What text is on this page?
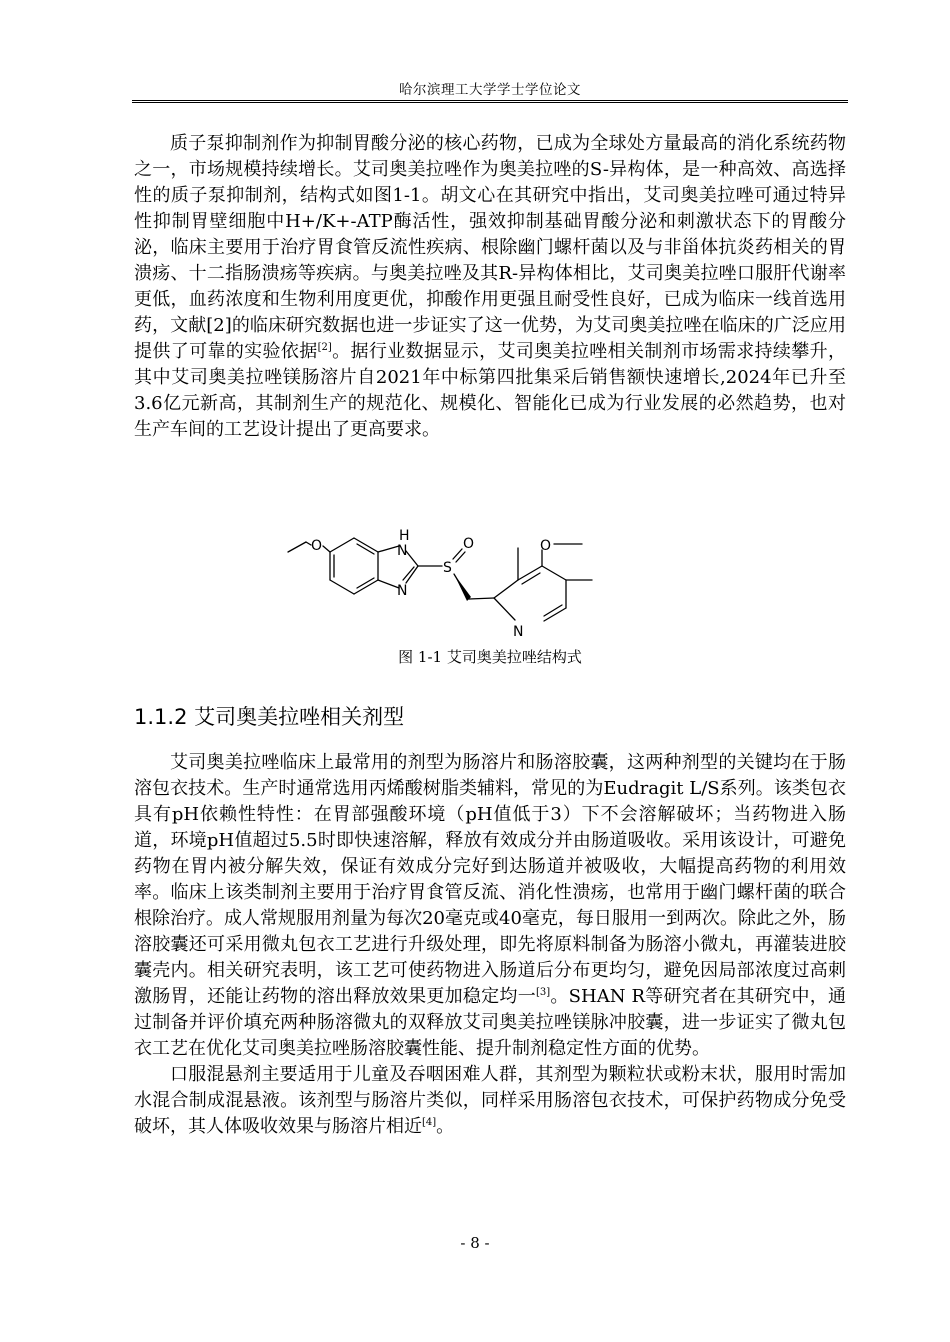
哈尔滨理工大学学士学位论文

质子泵抑制剂作为抑制胃酸分泌的核心药物，已成为全球处方量最高的消化系统药物之一，市场规模持续增长。艾司奥美拉唑作为奥美拉唑的S-异构体，是一种高效、高选择性的质子泵抑制剂，结构式如图1-1。胡文心在其研究中指出，艾司奥美拉唑可通过特异性抑制胃壁细胞中H+/K+-ATP酶活性，强效抑制基础胃酸分泌和刺激状态下的胃酸分泌，临床主要用于治疗胃食管反流性疾病、根除幽门螺杆菌以及与非甾体抗炎药相关的胃溃疡、十二指肠溃疡等疾病。与奥美拉唑及其R-异构体相比，艾司奥美拉唑口服肝代谢率更低，血药浓度和生物利用度更优，抑酸作用更强且耐受性良好，已成为临床一线首选用药，文献[2]的临床研究数据也进一步证实了这一优势，为艾司奥美拉唑在临床的广泛应用提供了可靠的实验依据[2]。据行业数据显示，艾司奥美拉唑相关制剂市场需求持续攀升，其中艾司奥美拉唑镁肠溶片自2021年中标第四批集采后销售额快速增长,2024年已升至3.6亿元新高，其制剂生产的规范化、规模化、智能化已成为行业发展的必然趋势，也对生产车间的工艺设计提出了更高要求。

O
H
N
N
S
O	O
N
图 1-1 艾司奥美拉唑结构式
1.1.2 艾司奥美拉唑相关剂型

艾司奥美拉唑临床上最常用的剂型为肠溶片和肠溶胶囊，这两种剂型的关键均在于肠溶包衣技术。生产时通常选用丙烯酸树脂类辅料，常见的为Eudragit L/S系列。该类包衣具有pH依赖性特性：在胃部强酸环境（pH值低于3）下不会溶解破坏；当药物进入肠道，环境pH值超过5.5时即快速溶解，释放有效成分并由肠道吸收。采用该设计，可避免药物在胃内被分解失效，保证有效成分完好到达肠道并被吸收，大幅提高药物的利用效率。临床上该类制剂主要用于治疗胃食管反流、消化性溃疡，也常用于幽门螺杆菌的联合根除治疗。成人常规服用剂量为每次20毫克或40毫克，每日服用一到两次。除此之外，肠溶胶囊还可采用微丸包衣工艺进行升级处理，即先将原料制备为肠溶小微丸，再灌装进胶囊壳内。相关研究表明，该工艺可使药物进入肠道后分布更均匀，避免因局部浓度过高刺激肠胃，还能让药物的溶出释放效果更加稳定均一[3]。SHAN R等研究者在其研究中，通过制备并评价填充两种肠溶微丸的双释放艾司奥美拉唑镁脉冲胶囊，进一步证实了微丸包衣工艺在优化艾司奥美拉唑肠溶胶囊性能、提升制剂稳定性方面的优势。

口服混悬剂主要适用于儿童及吞咽困难人群，其剂型为颗粒状或粉末状，服用时需加水混合制成混悬液。该剂型与肠溶片类似，同样采用肠溶包衣技术，可保护药物成分免受破坏，其人体吸收效果与肠溶片相近[4]。

- 8 -
